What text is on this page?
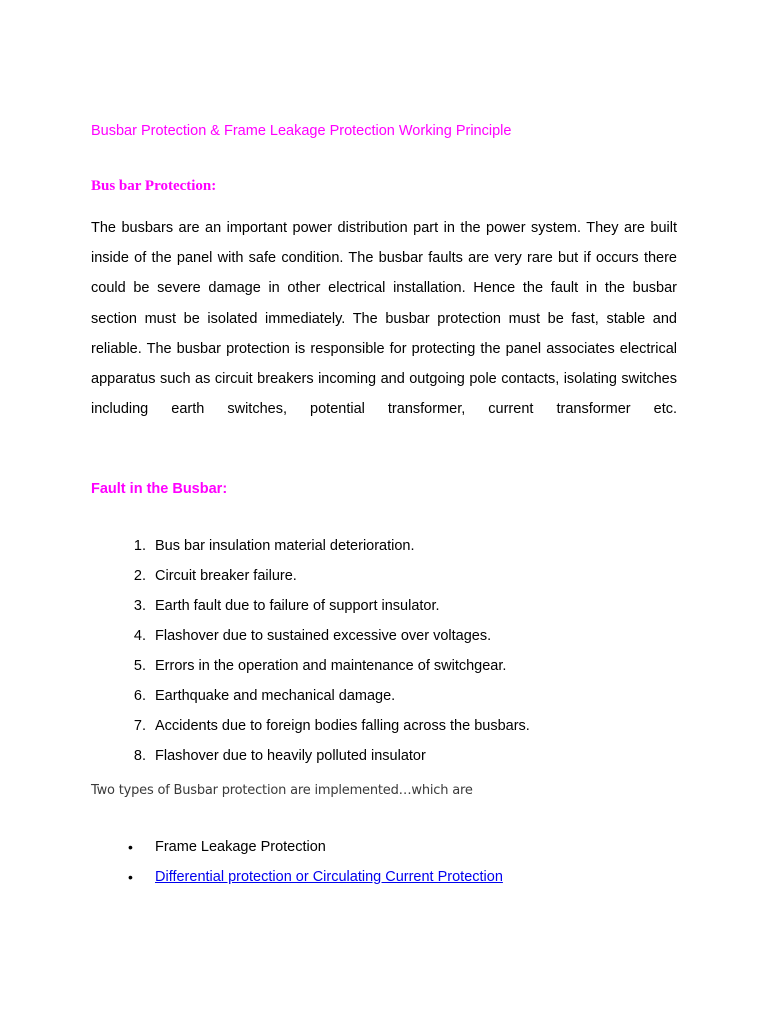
Busbar Protection & Frame Leakage Protection Working Principle
Bus bar Protection:

The busbars are an important power distribution part in the power system. They are built inside of the panel with safe condition. The busbar faults are very rare but if occurs there could be severe damage in other electrical installation. Hence the fault in the busbar section must be isolated immediately. The busbar protection must be fast, stable and reliable. The busbar protection is responsible for protecting the panel associates electrical apparatus such as circuit breakers incoming and outgoing pole contacts, isolating switches including earth switches, potential transformer, current transformer etc.

Fault in the Busbar:
1. Bus bar insulation material deterioration.
2. Circuit breaker failure.
3. Earth fault due to failure of support insulator.
4. Flashover due to sustained excessive over voltages.
5. Errors in the operation and maintenance of switchgear.
6. Earthquake and mechanical damage.
7. Accidents due to foreign bodies falling across the busbars.
8. Flashover due to heavily polluted insulator

Two types of Busbar protection are implemented…which are

• Frame Leakage Protection
• Differential protection or Circulating Current Protection
